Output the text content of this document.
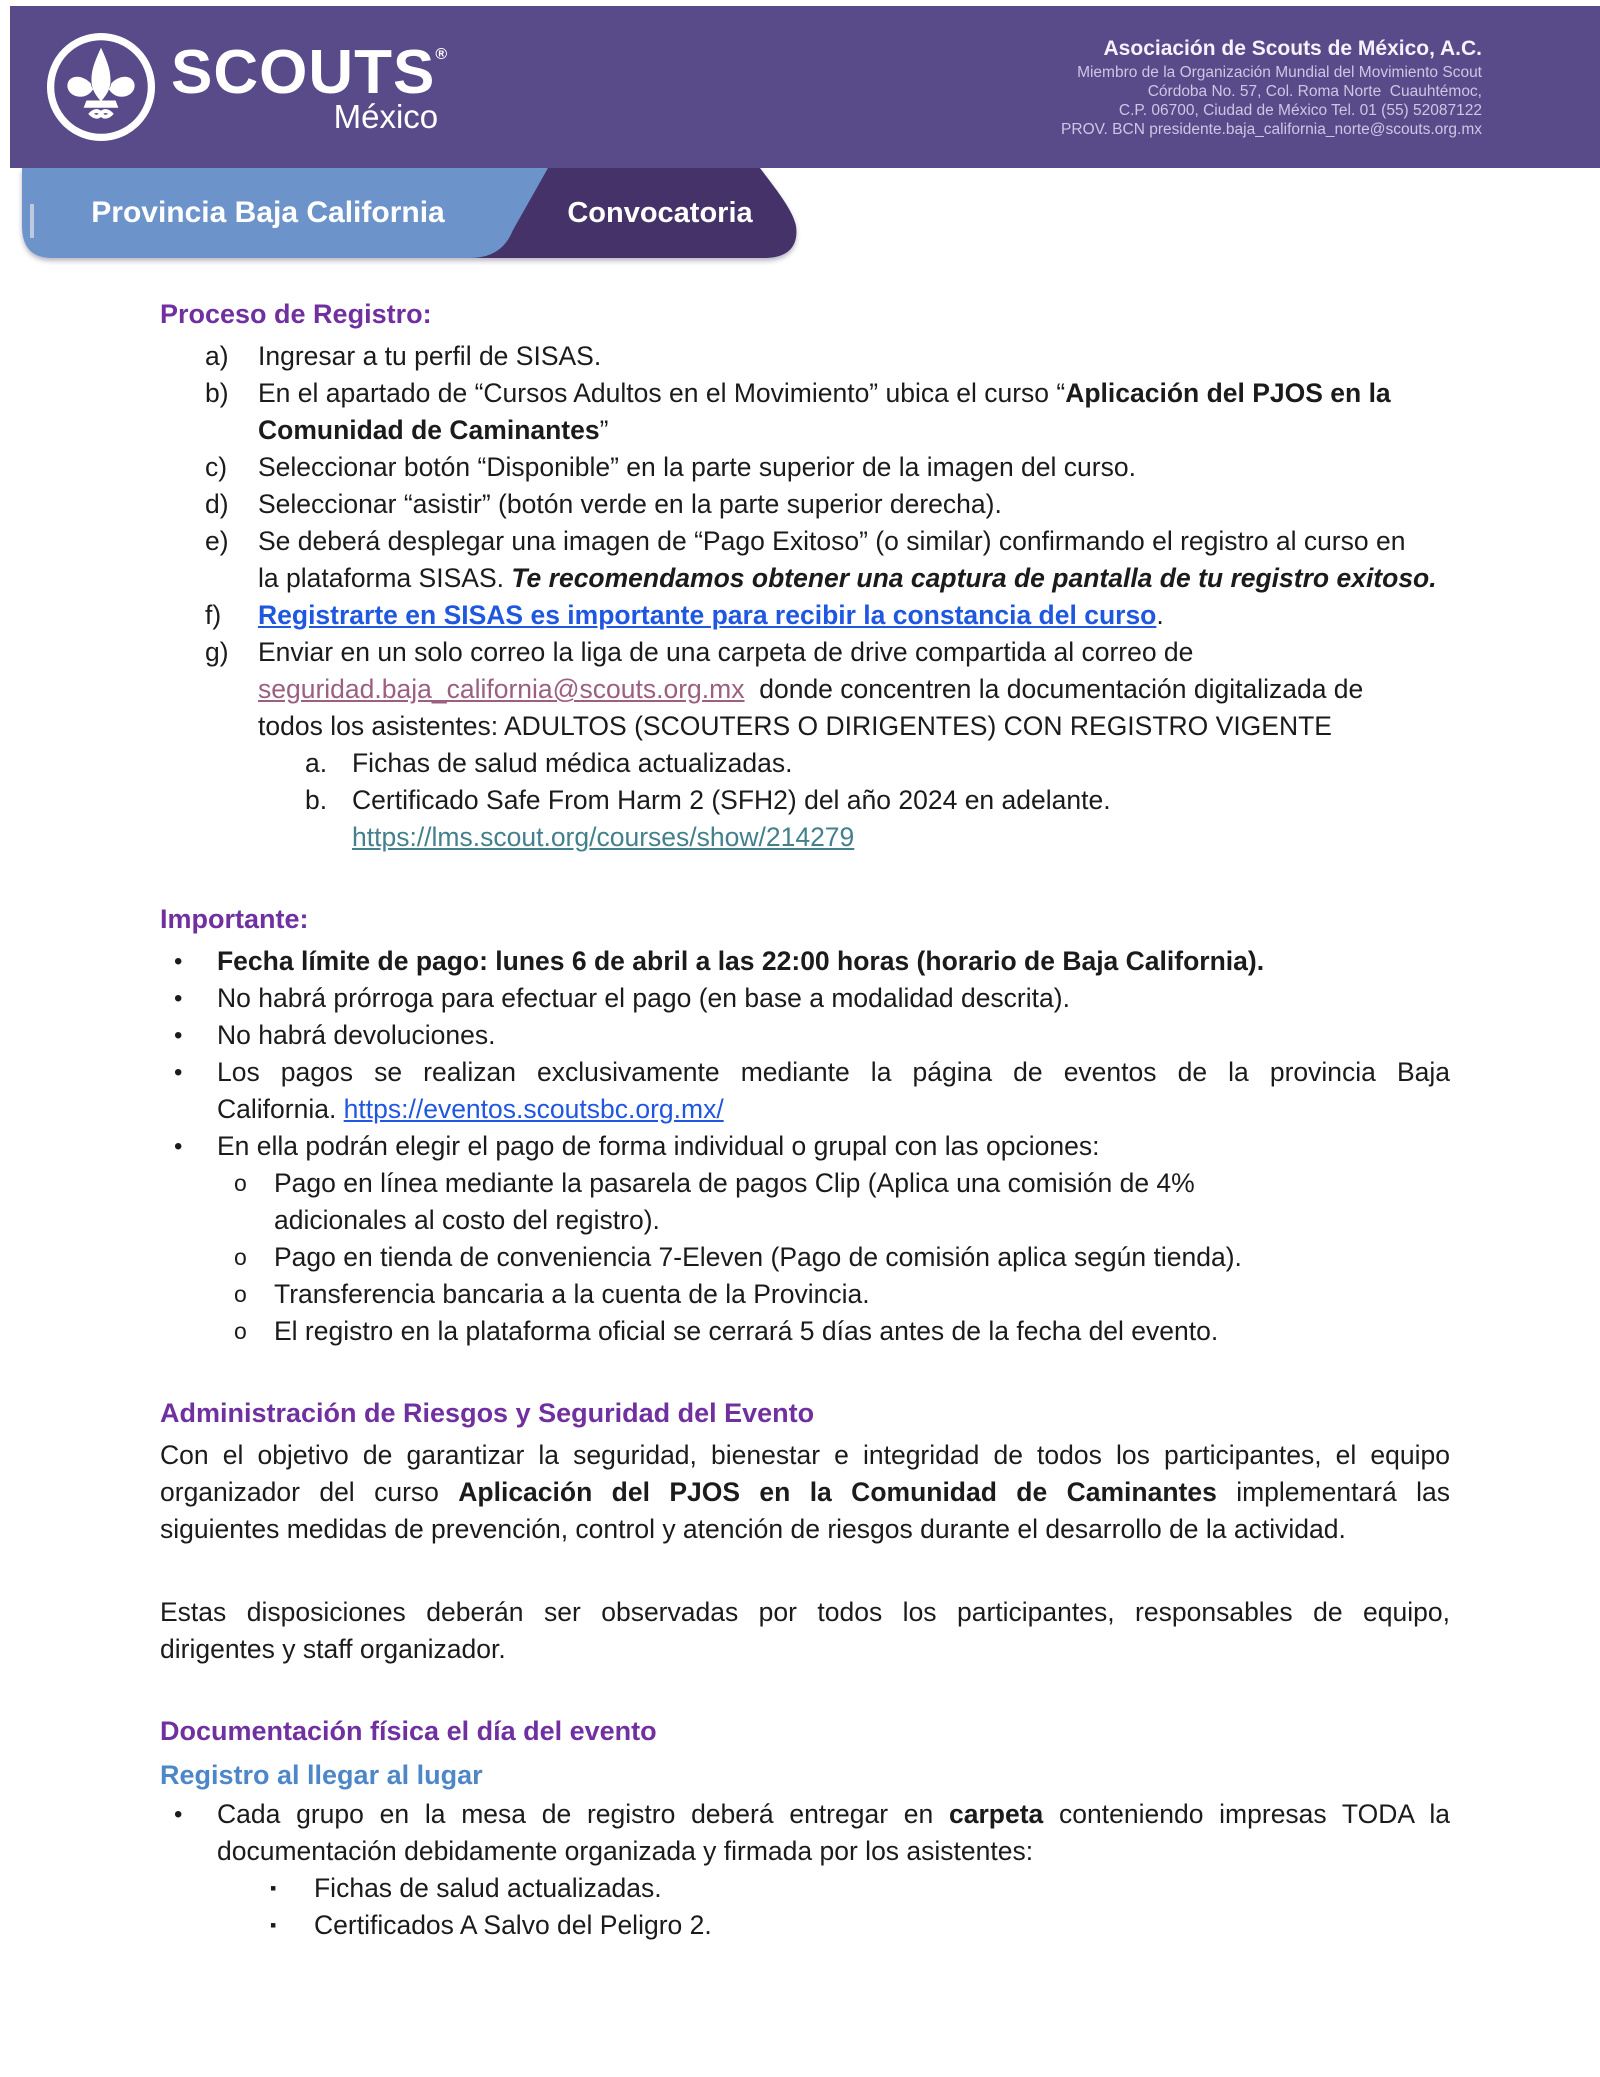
SCOUTS®
México
Asociación de Scouts de México, A.C.
Miembro de la Organización Mundial del Movimiento Scout
Córdoba No. 57, Col. Roma Norte  Cuauhtémoc,
C.P. 06700, Ciudad de México Tel. 01 (55) 52087122
PROV. BCN presidente.baja_california_norte@scouts.org.mx
Provincia Baja California	Convocatoria
Proceso de Registro:
a) Ingresar a tu perfil de SISAS.
b) En el apartado de “Cursos Adultos en el Movimiento” ubica el curso “Aplicación del PJOS en la
Comunidad de Caminantes”
c) Seleccionar botón “Disponible” en la parte superior de la imagen del curso.
d) Seleccionar “asistir” (botón verde en la parte superior derecha).
e) Se deberá desplegar una imagen de “Pago Exitoso” (o similar) confirmando el registro al curso en
la plataforma SISAS. Te recomendamos obtener una captura de pantalla de tu registro exitoso.
f) Registrarte en SISAS es importante para recibir la constancia del curso.
g) Enviar en un solo correo la liga de una carpeta de drive compartida al correo de
seguridad.baja_california@scouts.org.mx  donde concentren la documentación digitalizada de
todos los asistentes: ADULTOS (SCOUTERS O DIRIGENTES) CON REGISTRO VIGENTE
a. Fichas de salud médica actualizadas.
b. Certificado Safe From Harm 2 (SFH2) del año 2024 en adelante.
https://lms.scout.org/courses/show/214279
Importante:
• Fecha límite de pago: lunes 6 de abril a las 22:00 horas (horario de Baja California).
• No habrá prórroga para efectuar el pago (en base a modalidad descrita).
• No habrá devoluciones.
• Los pagos se realizan exclusivamente mediante la página de eventos de la provincia Baja
California. https://eventos.scoutsbc.org.mx/
• En ella podrán elegir el pago de forma individual o grupal con las opciones:
o Pago en línea mediante la pasarela de pagos Clip (Aplica una comisión de 4%
adicionales al costo del registro).
o Pago en tienda de conveniencia 7-Eleven (Pago de comisión aplica según tienda).
o Transferencia bancaria a la cuenta de la Provincia.
o El registro en la plataforma oficial se cerrará 5 días antes de la fecha del evento.
Administración de Riesgos y Seguridad del Evento
Con el objetivo de garantizar la seguridad, bienestar e integridad de todos los participantes, el equipo
organizador del curso Aplicación del PJOS en la Comunidad de Caminantes implementará las
siguientes medidas de prevención, control y atención de riesgos durante el desarrollo de la actividad.
Estas disposiciones deberán ser observadas por todos los participantes, responsables de equipo,
dirigentes y staff organizador.
Documentación física el día del evento
Registro al llegar al lugar
• Cada grupo en la mesa de registro deberá entregar en carpeta conteniendo impresas TODA la
documentación debidamente organizada y firmada por los asistentes:
▪ Fichas de salud actualizadas.
▪ Certificados A Salvo del Peligro 2.
